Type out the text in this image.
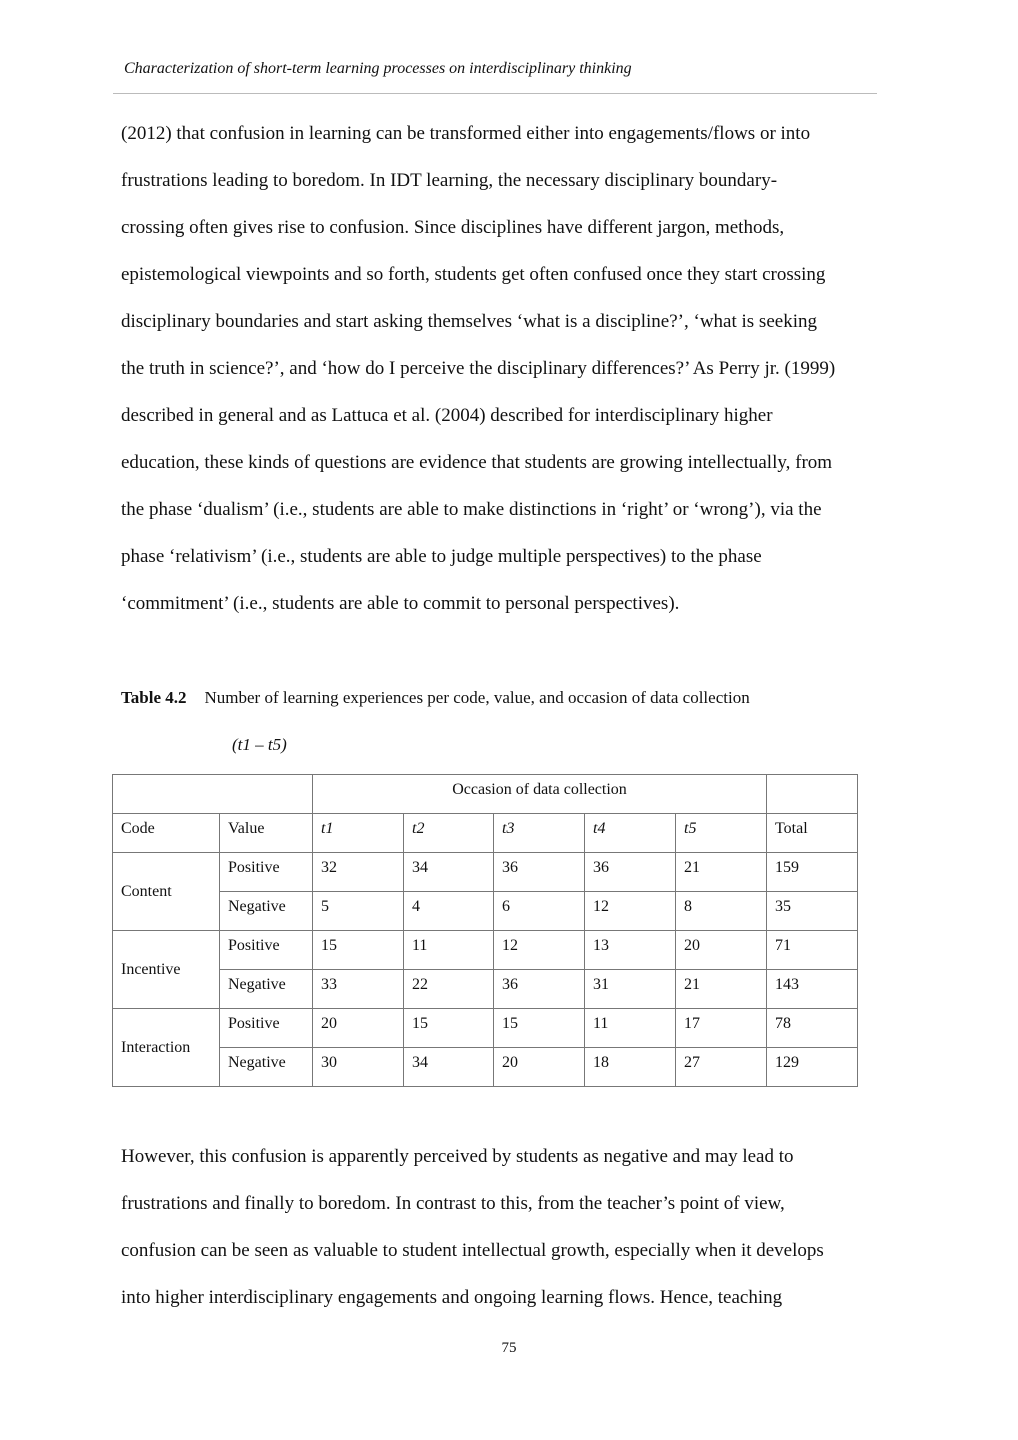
Characterization of short-term learning processes on interdisciplinary thinking
(2012) that confusion in learning can be transformed either into engagements/flows or into
frustrations leading to boredom. In IDT learning, the necessary disciplinary boundary-
crossing often gives rise to confusion. Since disciplines have different jargon, methods,
epistemological viewpoints and so forth, students get often confused once they start crossing
disciplinary boundaries and start asking themselves ‘what is a discipline?’, ‘what is seeking
the truth in science?’, and ‘how do I perceive the disciplinary differences?’ As Perry jr. (1999)
described in general and as Lattuca et al. (2004) described for interdisciplinary higher
education, these kinds of questions are evidence that students are growing intellectually, from
the phase ‘dualism’ (i.e., students are able to make distinctions in ‘right’ or ‘wrong’), via the
phase ‘relativism’ (i.e., students are able to judge multiple perspectives) to the phase
‘commitment’ (i.e., students are able to commit to personal perspectives).
Table 4.2 Number of learning experiences per code, value, and occasion of data collection
(t1 – t5)
		Occasion of data collection					
Code	Value	t1	t2	t3	t4	t5	Total
Content	Positive	32	34	36	36	21	159
	Negative	5	4	6	12	8	35
Incentive	Positive	15	11	12	13	20	71
	Negative	33	22	36	31	21	143
Interaction	Positive	20	15	15	11	17	78
	Negative	30	34	20	18	27	129
However, this confusion is apparently perceived by students as negative and may lead to
frustrations and finally to boredom. In contrast to this, from the teacher’s point of view,
confusion can be seen as valuable to student intellectual growth, especially when it develops
into higher interdisciplinary engagements and ongoing learning flows. Hence, teaching
75
